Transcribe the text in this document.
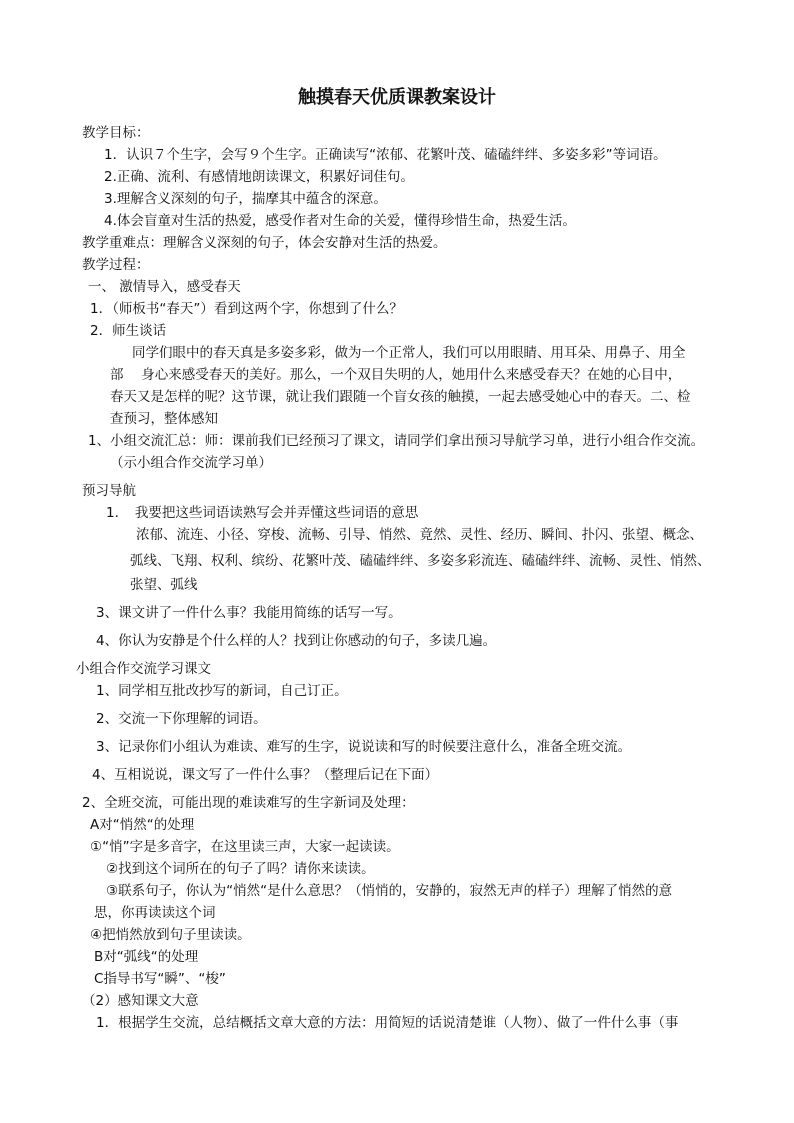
触摸春天优质课教案设计
教学目标：
1．认识７个生字，会写９个生字。正确读写“浓郁、花繁叶茂、磕磕绊绊、多姿多彩”等词语。
2.正确、流利、有感情地朗读课文，积累好词佳句。
3.理解含义深刻的句子，揣摩其中蕴含的深意。
4.体会盲童对生活的热爱，感受作者对生命的关爱，懂得珍惜生命，热爱生活。
教学重难点：理解含义深刻的句子，体会安静对生活的热爱。
教学过程：
一、 激情导入，感受春天
1．（师板书“春天”）看到这两个字，你想到了什么？
2．师生谈话
同学们眼中的春天真是多姿多彩，做为一个正常人，我们可以用眼睛、用耳朵、用鼻子、用全
部　 身心来感受春天的美好。那么，一个双目失明的人，她用什么来感受春天？在她的心目中，
春天又是怎样的呢？这节课，就让我们跟随一个盲女孩的触摸，一起去感受她心中的春天。二、检
查预习，整体感知
1、小组交流汇总：师：课前我们已经预习了课文，请同学们拿出预习导航学习单，进行小组合作交流。
（示小组合作交流学习单）
预习导航
1．　我要把这些词语读熟写会并弄懂这些词语的意思
浓郁、流连、小径、穿梭、流畅、引导、悄然、竟然、灵性、经历、瞬间、扑闪、张望、概念、
弧线、飞翔、权利、缤纷、花繁叶茂、磕磕绊绊、多姿多彩流连、磕磕绊绊、流畅、灵性、悄然、
张望、弧线
3、课文讲了一件什么事？我能用简练的话写一写。
4、你认为安静是个什么样的人？找到让你感动的句子，多读几遍。
小组合作交流学习课文
1、同学相互批改抄写的新词，自己订正。
2、交流一下你理解的词语。
3、记录你们小组认为难读、难写的生字，说说读和写的时候要注意什么，准备全班交流。
4、互相说说，课文写了一件什么事？（整理后记在下面）
2、全班交流，可能出现的难读难写的生字新词及处理：
A对“悄然“的处理
①“悄”字是多音字，在这里读三声，大家一起读读。
②找到这个词所在的句子了吗？请你来读读。
③联系句子，你认为“悄然“是什么意思？（悄悄的，安静的，寂然无声的样子）理解了悄然的意
思，你再读读这个词
④把悄然放到句子里读读。
B对“弧线“的处理
C指导书写“瞬”、“梭”
（2）感知课文大意
1．根据学生交流，总结概括文章大意的方法：用简短的话说清楚谁（人物）、做了一件什么事（事
